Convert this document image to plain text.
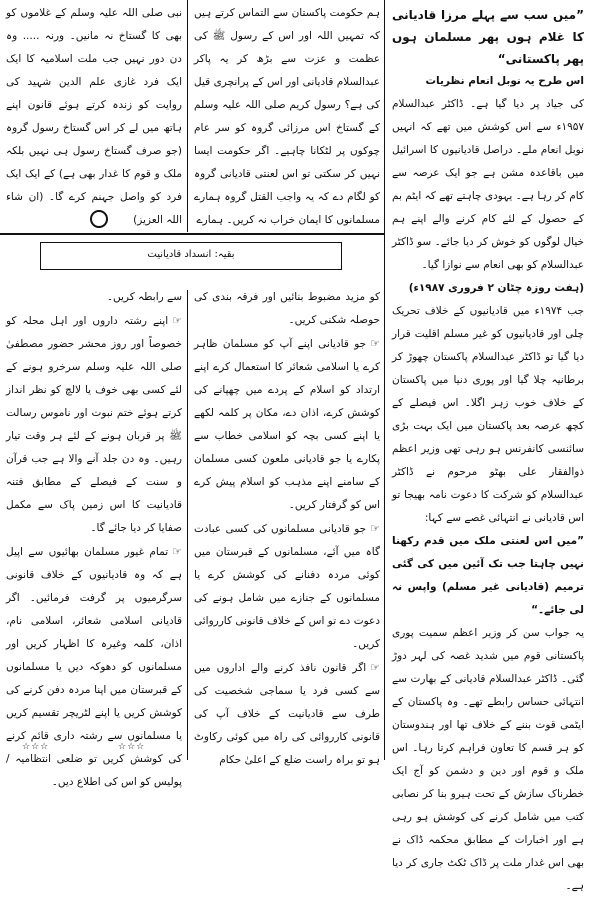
”میں سب سے پہلے مرزا قادیانی کا غلام ہوں پھر مسلمان ہوں پھر پاکستانی“

اس طرح یہ نوبل انعام نظریات

کی جیاد پر دیا گیا ہے۔ ڈاکٹر عبدالسلام ۱۹۵۷ء سے اس کوشش میں تھے کہ انہیں نوبل انعام ملے۔ دراصل قادیانیوں کا اسرائیل میں باقاعدہ مشن ہے جو ایک عرصہ سے کام کر رہا ہے۔ یہودی چاہتے تھے کہ ایٹم بم کے حصول کے لئے کام کرنے والے اپنے ہم خیال لوگوں کو خوش کر دیا جائے۔ سو ڈاکٹر عبدالسلام کو بھی انعام سے نوازا گیا۔

(ہفت روزہ چٹان ۲ فروری ۱۹۸۷ء)

جب ۱۹۷۴ء میں قادیانیوں کے خلاف تحریک چلی اور قادیانیوں کو غیر مسلم اقلیت قرار دیا گیا تو ڈاکٹر عبدالسلام پاکستان چھوڑ کر برطانیہ چلا گیا اور پوری دنیا میں پاکستان کے خلاف خوب زہر اگلا۔ اس فیصلے کے کچھ عرصہ بعد پاکستان میں ایک بہت بڑی سائنسی کانفرنس ہو رہی تھی وزیر اعظم ذوالفقار علی بھٹو مرحوم نے ڈاکٹر عبدالسلام کو شرکت کا دعوت نامہ بھیجا تو اس قادیانی نے انتہائی غصے سے کہا:

”میں اس لعنتی ملک میں قدم رکھنا نہیں چاہتا جب تک آئین میں کی گئی ترمیم (قادیانی غیر مسلم) واپس نہ لی جائے۔“

یہ جواب سن کر وزیر اعظم سمیت پوری پاکستانی قوم میں شدید غصہ کی لہر دوڑ گئی۔ ڈاکٹر عبدالسلام قادیانی کے بھارت سے انتہائی حساس رابطے تھے۔ وہ پاکستان کے ایٹمی قوت بننے کے خلاف تھا اور ہندوستان کو ہر قسم کا تعاون فراہم کرتا رہا۔ اس ملک و قوم اور دین و دشمن کو آج ایک خطرناک سازش کے تحت ہیرو بنا کر نصابی کتب میں شامل کرنے کی کوشش ہو رہی ہے اور اخبارات کے مطابق محکمہ ڈاک نے بھی اس غدار ملت پر ڈاک ٹکٹ جاری کر دیا ہے۔

ہم حکومت پاکستان سے التماس کرتے ہیں کہ تمہیں اللہ اور اس کے رسول ﷺ کی عظمت و عزت سے بڑھ کر یہ پاکر عبدالسلام قادیانی اور اس کے پرانچری قیل کی ہے؟ رسول کریم صلی اللہ علیہ وسلم کے گستاخ اس مرزائی گروہ کو سر عام چوکوں پر لٹکانا چاہیے۔ اگر حکومت ایسا نہیں کر سکتی تو اس لعنتی قادیانی گروہ کو لگام دے کہ یہ واجب القتل گروہ ہمارے مسلمانوں کا ایمان خراب نہ کریں۔ ہمارے

نبی صلی اللہ علیہ وسلم کے غلاموں کو بھی کا گستاخ نہ مانیں۔ ورنہ ..... وہ دن دور نہیں جب ملت اسلامیہ کا ایک ایک فرد غازی علم الدین شہید کی روایت کو زندہ کرتے ہوئے قانون اپنے ہاتھ میں لے کر اس گستاخ رسول گروہ (جو صرف گستاخ رسول ہی نہیں بلکہ ملک و قوم کا غدار بھی ہے) کے ایک ایک فرد کو واصل جہنم کرے گا۔ (ان شاء اللہ العزیز)

بقیہ: انسداد قادیانیت

کو مزید مضبوط بنائیں اور فرقہ بندی کی حوصلہ شکنی کریں۔

☞جو قادیانی اپنے آپ کو مسلمان ظاہر کرے یا اسلامی شعائر کا استعمال کرے اپنے ارتداد کو اسلام کے پردے میں چھپانے کی کوشش کرے، اذان دے، مکان پر کلمہ لکھے یا اپنے کسی بچہ کو اسلامی خطاب سے پکارے یا جو قادیانی ملعون کسی مسلمان کے سامنے اپنے مذہب کو اسلام پیش کرے اس کو گرفتار کریں۔

☞جو قادیانی مسلمانوں کی کسی عبادت گاہ میں آئے، مسلمانوں کے قبرستان میں کوئی مردہ دفنانے کی کوشش کرے یا مسلمانوں کے جنازے میں شامل ہونے کی دعوت دے تو اس کے خلاف قانونی کارروائی کریں۔

☞اگر قانون نافذ کرنے والے اداروں میں سے کسی فرد یا سماجی شخصیت کی طرف سے قادیانیت کے خلاف آپ کی قانونی کارروائی کی راہ میں کوئی رکاوٹ ہو تو براہ راست ضلع کے اعلیٰ حکام

سے رابطہ کریں۔

☞اپنے رشتہ داروں اور اہل محلہ کو خصوصاً اور روز محشر حضور مصطفیٰ صلی اللہ علیہ وسلم سرخرو ہونے کے لئے کسی بھی خوف یا لالچ کو نظر انداز کرتے ہوئے ختم نبوت اور ناموس رسالت ﷺ پر قربان ہونے کے لئے ہر وقت تیار رہیں۔ وہ دن جلد آنے والا ہے جب قرآن و سنت کے فیصلے کے مطابق فتنہ قادیانیت کا اس زمین پاک سے مکمل صفایا کر دیا جائے گا۔

☞تمام غیور مسلمان بھائیوں سے اپیل ہے کہ وہ قادیانیوں کے خلاف قانونی سرگرمیوں پر گرفت فرمائیں۔ اگر قادیانی اسلامی شعائر، اسلامی نام، اذان، کلمہ وغیرہ کا اظہار کریں اور مسلمانوں کو دھوکہ دیں یا مسلمانوں کے قبرستان میں اپنا مردہ دفن کرنے کی کوشش کریں یا اپنے لٹریچر تقسیم کریں یا مسلمانوں سے رشتہ داری قائم کرنے کی کوشش کریں تو ضلعی انتظامیہ / پولیس کو اس کی اطلاع دیں۔

☆☆☆	☆☆☆
